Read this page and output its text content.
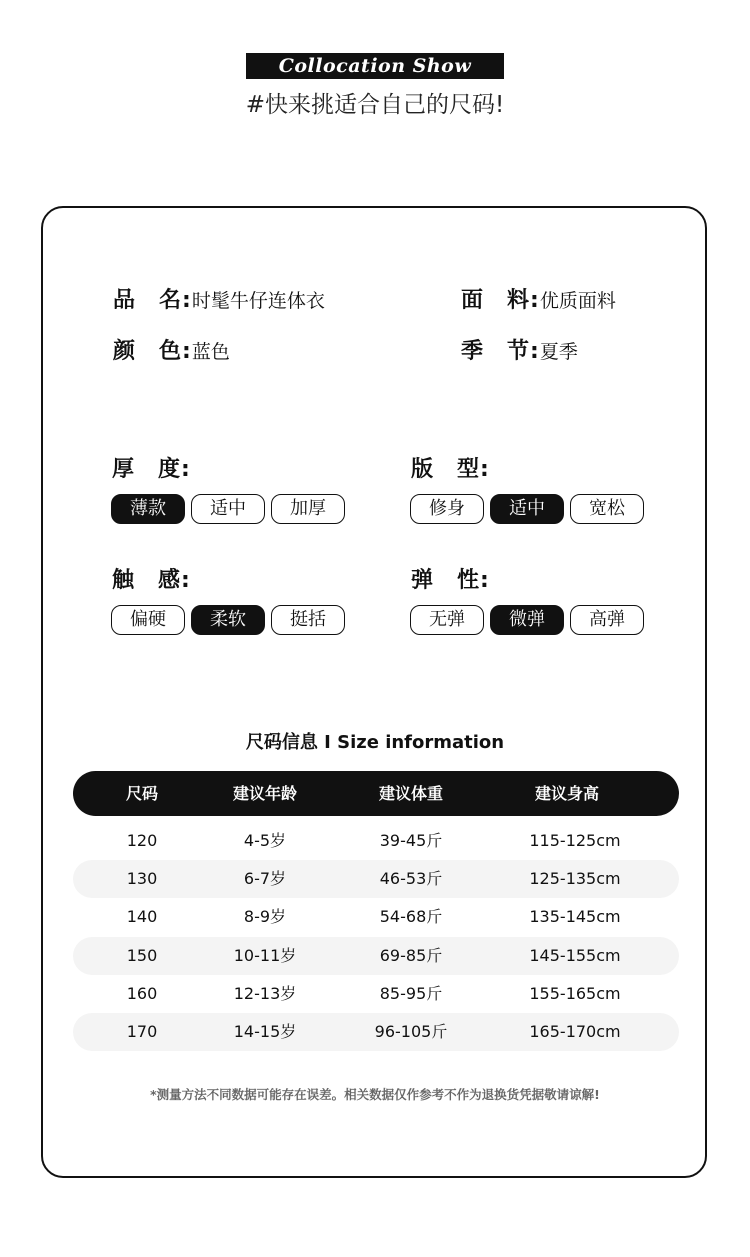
Collocation Show
#快来挑适合自己的尺码!
品　名:时髦牛仔连体衣	面　料:优质面料
颜　色:蓝色	季　节:夏季
厚　度:
薄款	适中	加厚
版　型:
修身	适中	宽松
触　感:
偏硬	柔软	挺括
弹　性:
无弹	微弹	高弹
尺码信息 I Size information
尺码	建议年龄	建议体重	建议身高
120	4-5岁	39-45斤	115-125cm
130	6-7岁	46-53斤	125-135cm
140	8-9岁	54-68斤	135-145cm
150	10-11岁	69-85斤	145-155cm
160	12-13岁	85-95斤	155-165cm
170	14-15岁	96-105斤	165-170cm
*测量方法不同数据可能存在误差。相关数据仅作参考不作为退换货凭据敬请谅解!
